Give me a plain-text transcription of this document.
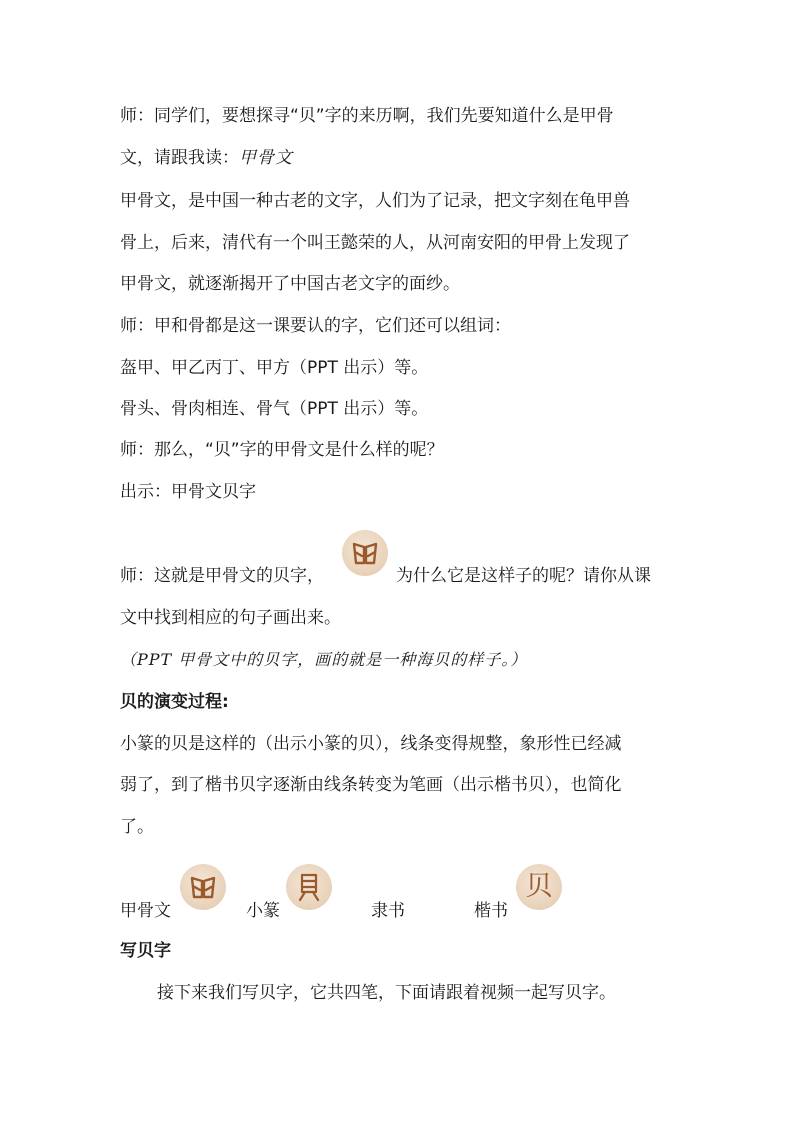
师：同学们，要想探寻“贝”字的来历啊，我们先要知道什么是甲骨
文，请跟我读：甲骨文
甲骨文，是中国一种古老的文字，人们为了记录，把文字刻在龟甲兽
骨上，后来，清代有一个叫王懿荣的人，从河南安阳的甲骨上发现了
甲骨文，就逐渐揭开了中国古老文字的面纱。
师：甲和骨都是这一课要认的字，它们还可以组词：
盔甲、甲乙丙丁、甲方（PPT 出示）等。
骨头、骨肉相连、骨气（PPT 出示）等。
师：那么，“贝”字的甲骨文是什么样的呢？
出示：甲骨文贝字
师：这就是甲骨文的贝字，	为什么它是这样子的呢？请你从课
文中找到相应的句子画出来。
（PPT 甲骨文中的贝字，画的就是一种海贝的样子。）
贝的演变过程:
小篆的贝是这样的（出示小篆的贝），线条变得规整，象形性已经减
弱了，到了楷书贝字逐渐由线条转变为笔画（出示楷书贝），也简化
了。
甲骨文	小篆	隶书	楷书
贝
写贝字
接下来我们写贝字，它共四笔，下面请跟着视频一起写贝字。
